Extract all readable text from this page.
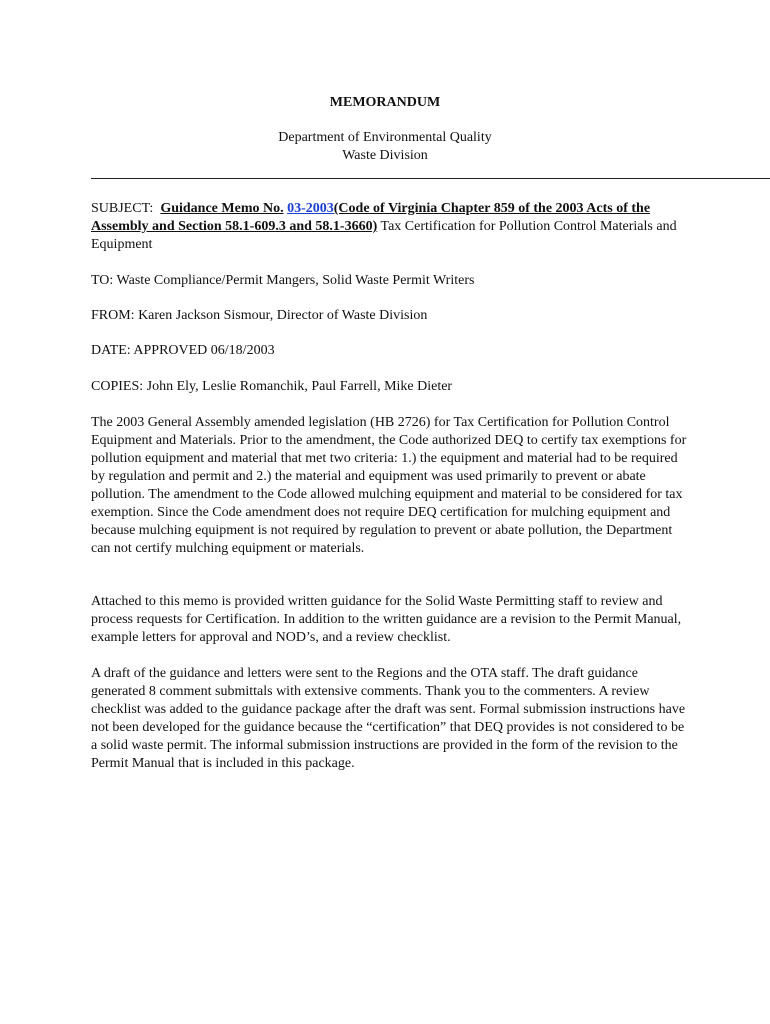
MEMORANDUM
Department of Environmental Quality
Waste Division
SUBJECT: Guidance Memo No. 03-2003(Code of Virginia Chapter 859 of the 2003 Acts of the Assembly and Section 58.1-609.3 and 58.1-3660) Tax Certification for Pollution Control Materials and Equipment
TO: Waste Compliance/Permit Mangers, Solid Waste Permit Writers
FROM: Karen Jackson Sismour, Director of Waste Division
DATE: APPROVED 06/18/2003
COPIES: John Ely, Leslie Romanchik, Paul Farrell, Mike Dieter

The 2003 General Assembly amended legislation (HB 2726) for Tax Certification for Pollution Control Equipment and Materials. Prior to the amendment, the Code authorized DEQ to certify tax exemptions for pollution equipment and material that met two criteria: 1.) the equipment and material had to be required by regulation and permit and 2.) the material and equipment was used primarily to prevent or abate pollution. The amendment to the Code allowed mulching equipment and material to be considered for tax exemption. Since the Code amendment does not require DEQ certification for mulching equipment and because mulching equipment is not required by regulation to prevent or abate pollution, the Department can not certify mulching equipment or materials.

Attached to this memo is provided written guidance for the Solid Waste Permitting staff to review and process requests for Certification. In addition to the written guidance are a revision to the Permit Manual, example letters for approval and NOD’s, and a review checklist.

A draft of the guidance and letters were sent to the Regions and the OTA staff. The draft guidance generated 8 comment submittals with extensive comments. Thank you to the commenters. A review checklist was added to the guidance package after the draft was sent. Formal submission instructions have not been developed for the guidance because the “certification” that DEQ provides is not considered to be a solid waste permit. The informal submission instructions are provided in the form of the revision to the Permit Manual that is included in this package.
